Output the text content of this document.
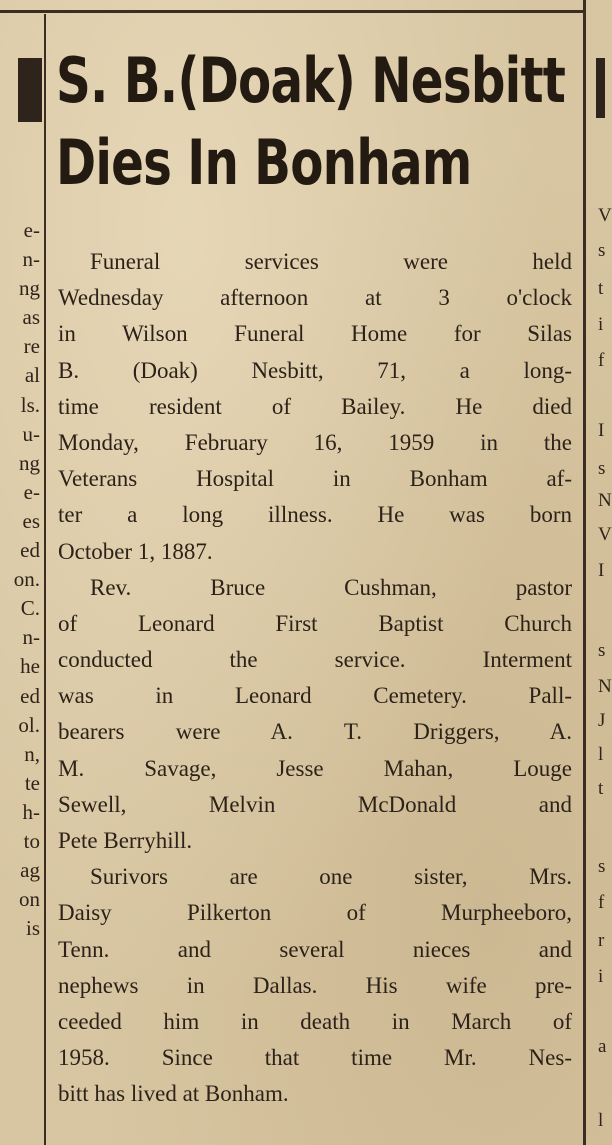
e-
n-
ng
as
re
al
ls.
u-
ng
e-
es
ed
on.
C.
n-
he
ed
ol.
n,
te
h-
to
ag
on
is
V
s
t
i
f
I
s
N
V
I
s
N
J
l
t
s
f
r
i
a
l
S. B.(Doak) Nesbitt
Dies In Bonham
Funeral services were held
Wednesday afternoon at 3 o'clock
in Wilson Funeral Home for Silas
B. (Doak) Nesbitt, 71, a long-
time resident of Bailey. He died
Monday, February 16, 1959 in the
Veterans Hospital in Bonham af-
ter a long illness. He was born
October 1, 1887.
Rev. Bruce Cushman, pastor
of Leonard First Baptist Church
conducted the service. Interment
was in Leonard Cemetery. Pall-
bearers were A. T. Driggers, A.
M. Savage, Jesse Mahan, Louge
Sewell, Melvin McDonald and
Pete Berryhill.
Surivors are one sister, Mrs.
Daisy Pilkerton of Murpheeboro,
Tenn. and several nieces and
nephews in Dallas. His wife pre-
ceeded him in death in March of
1958. Since that time Mr. Nes-
bitt has lived at Bonham.
